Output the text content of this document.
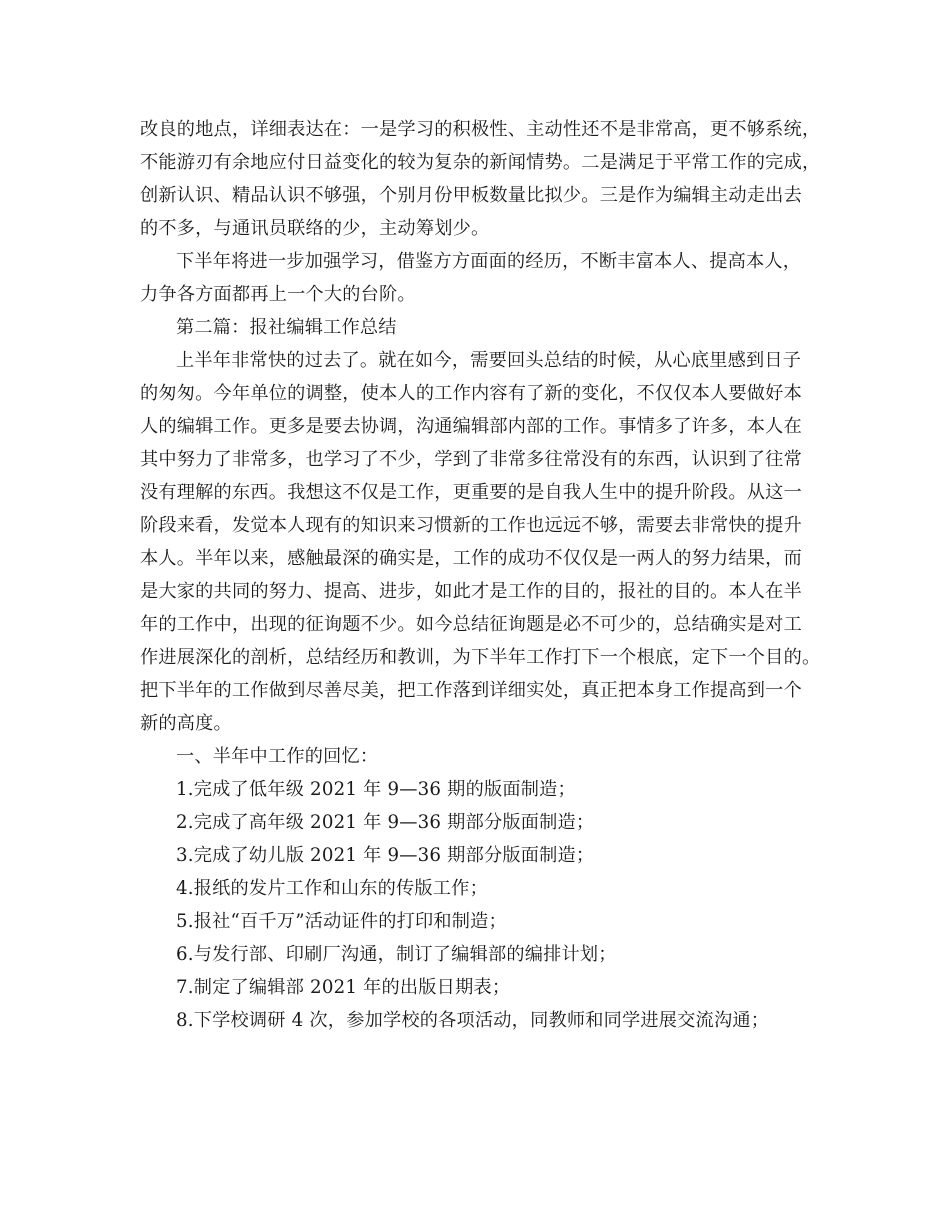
改良的地点，详细表达在：一是学习的积极性、主动性还不是非常高，更不够系统，
不能游刃有余地应付日益变化的较为复杂的新闻情势。二是满足于平常工作的完成，
创新认识、精品认识不够强，个别月份甲板数量比拟少。三是作为编辑主动走出去
的不多，与通讯员联络的少，主动筹划少。
下半年将进一步加强学习，借鉴方方面面的经历，不断丰富本人、提高本人，
力争各方面都再上一个大的台阶。
第二篇：报社编辑工作总结
上半年非常快的过去了。就在如今，需要回头总结的时候，从心底里感到日子
的匆匆。今年单位的调整，使本人的工作内容有了新的变化，不仅仅本人要做好本
人的编辑工作。更多是要去协调，沟通编辑部内部的工作。事情多了许多，本人在
其中努力了非常多，也学习了不少，学到了非常多往常没有的东西，认识到了往常
没有理解的东西。我想这不仅是工作，更重要的是自我人生中的提升阶段。从这一
阶段来看，发觉本人现有的知识来习惯新的工作也远远不够，需要去非常快的提升
本人。半年以来，感触最深的确实是，工作的成功不仅仅是一两人的努力结果，而
是大家的共同的努力、提高、进步，如此才是工作的目的，报社的目的。本人在半
年的工作中，出现的征询题不少。如今总结征询题是必不可少的，总结确实是对工
作进展深化的剖析，总结经历和教训，为下半年工作打下一个根底，定下一个目的。
把下半年的工作做到尽善尽美，把工作落到详细实处，真正把本身工作提高到一个
新的高度。
一、半年中工作的回忆：
1.完成了低年级 2021 年 9—36 期的版面制造；
2.完成了高年级 2021 年 9—36 期部分版面制造；
3.完成了幼儿版 2021 年 9—36 期部分版面制造；
4.报纸的发片工作和山东的传版工作；
5.报社“百千万”活动证件的打印和制造；
6.与发行部、印刷厂沟通，制订了编辑部的编排计划；
7.制定了编辑部 2021 年的出版日期表；
8.下学校调研 4 次，参加学校的各项活动，同教师和同学进展交流沟通；
